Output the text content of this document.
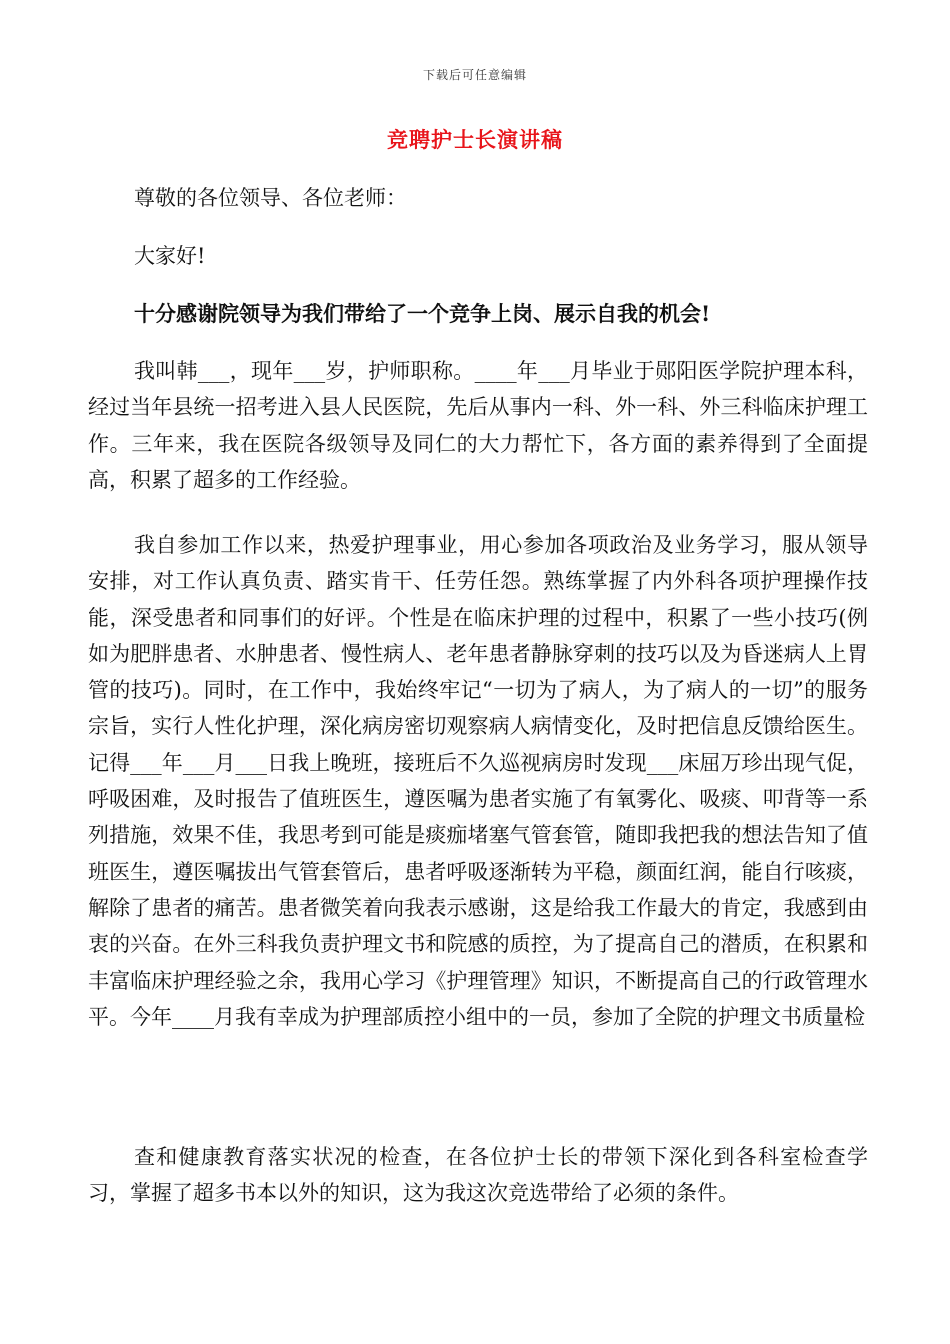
下载后可任意编辑
竞聘护士长演讲稿

尊敬的各位领导、各位老师：

大家好!

十分感谢院领导为我们带给了一个竞争上岗、展示自我的机会!

我叫韩___，现年___岁，护师职称。____年___月毕业于郧阳医学院护理本科，经过当年县统一招考进入县人民医院，先后从事内一科、外一科、外三科临床护理工作。三年来，我在医院各级领导及同仁的大力帮忙下，各方面的素养得到了全面提高，积累了超多的工作经验。

我自参加工作以来，热爱护理事业，用心参加各项政治及业务学习，服从领导安排，对工作认真负责、踏实肯干、任劳任怨。熟练掌握了内外科各项护理操作技能，深受患者和同事们的好评。个性是在临床护理的过程中，积累了一些小技巧(例如为肥胖患者、水肿患者、慢性病人、老年患者静脉穿刺的技巧以及为昏迷病人上胃管的技巧)。同时，在工作中，我始终牢记“一切为了病人，为了病人的一切”的服务宗旨，实行人性化护理，深化病房密切观察病人病情变化，及时把信息反馈给医生。记得___年___月___日我上晚班，接班后不久巡视病房时发现___床屈万珍出现气促，呼吸困难，及时报告了值班医生，遵医嘱为患者实施了有氧雾化、吸痰、叩背等一系列措施，效果不佳，我思考到可能是痰痂堵塞气管套管，随即我把我的想法告知了值班医生，遵医嘱拔出气管套管后，患者呼吸逐渐转为平稳，颜面红润，能自行咳痰，解除了患者的痛苦。患者微笑着向我表示感谢，这是给我工作最大的肯定，我感到由衷的兴奋。在外三科我负责护理文书和院感的质控，为了提高自己的潜质，在积累和丰富临床护理经验之余，我用心学习《护理管理》知识，不断提高自己的行政管理水平。今年____月我有幸成为护理部质控小组中的一员，参加了全院的护理文书质量检

查和健康教育落实状况的检查，在各位护士长的带领下深化到各科室检查学习，掌握了超多书本以外的知识，这为我这次竞选带给了必须的条件。
